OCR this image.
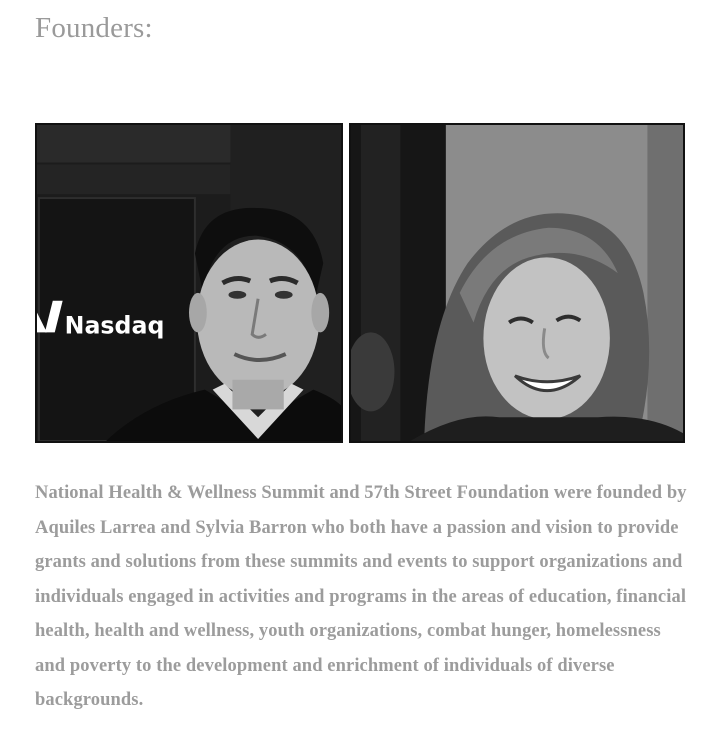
Founders:
Nasdaq

National Health & Wellness Summit and 57th Street Foundation were founded by Aquiles Larrea and Sylvia Barron who both have a passion and vision to provide grants and solutions from these summits and events to support organizations and individuals engaged in activities and programs in the areas of education, financial health, health and wellness, youth organizations, combat hunger, homelessness and poverty to the development and enrichment of individuals of diverse backgrounds.
